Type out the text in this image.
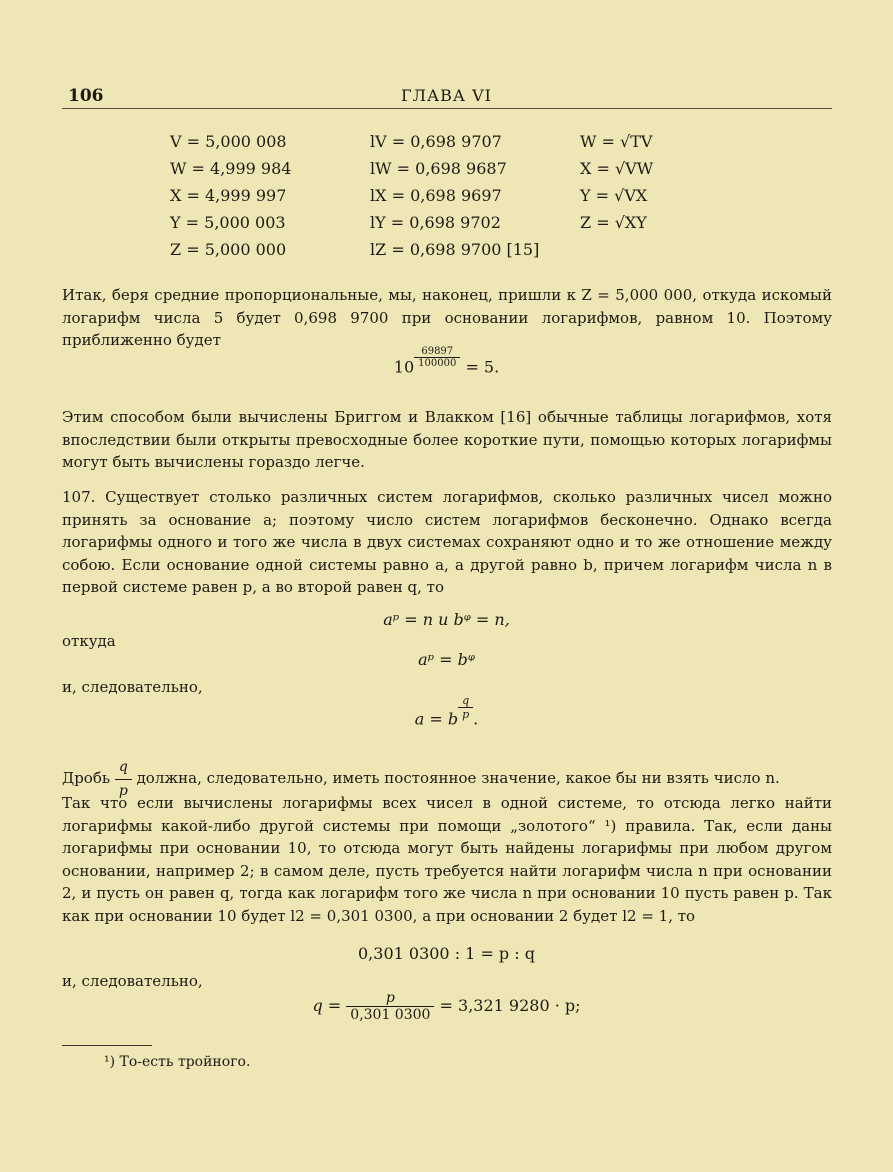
106	ГЛАВА VI
V = 5,000 008	lV = 0,698 9707	W = √TV
W = 4,999 984	lW = 0,698 9687	X = √VW
X = 4,999 997	lX = 0,698 9697	Y = √VX
Y = 5,000 003	lY = 0,698 9702	Z = √XY
Z = 5,000 000	lZ = 0,698 9700 [15]
Итак, беря средние пропорциональные, мы, наконец, пришли к Z = 5,000 000, откуда искомый логарифм числа 5 будет 0,698 9700 при основании логарифмов, равном 10. Поэтому приближенно будет
$10 \frac{69897}{100000} = 5$.
Этим способом были вычислены Бриггом и Влакком [16] обычные таблицы логарифмов, хотя впоследствии были открыты превосходные более короткие пути, помощью которых логарифмы могут быть вычислены гораздо легче.
107. Существует столько различных систем логарифмов, сколько различных чисел можно принять за основание a; поэтому число систем логарифмов бесконечно. Однако всегда логарифмы одного и того же числа в двух системах сохраняют одно и то же отношение между собою. Если основание одной системы равно a, а другой равно b, причем логарифм числа n в первой системе равен p, а во второй равен q, то
aᵖ = n и bᵠ = n,
откуда
aᵖ = bᵠ
и, следовательно,
a = b $\frac{q}{p}$ .
Дробь $\frac{q}{p}$ должна, следовательно, иметь постоянное значение, какое бы ни взять число n.
Так что если вычислены логарифмы всех чисел в одной системе, то отсюда легко найти логарифмы какой-либо другой системы при помощи „золотого“ ¹) правила. Так, если даны логарифмы при основании 10, то отсюда могут быть найдены логарифмы при любом другом основании, например 2; в самом деле, пусть требуется найти логарифм числа n при основании 2, и пусть он равен q, тогда как логарифм того же числа n при основании 10 пусть равен p. Так как при основании 10 будет l2 = 0,301 0300, а при основании 2 будет l2 = 1, то
0,301 0300 : 1 = p : q
и, следовательно,
$q = \frac{p}{0,301 0300} = 3,321$ 9280 · p;
¹) То-есть тройного.
